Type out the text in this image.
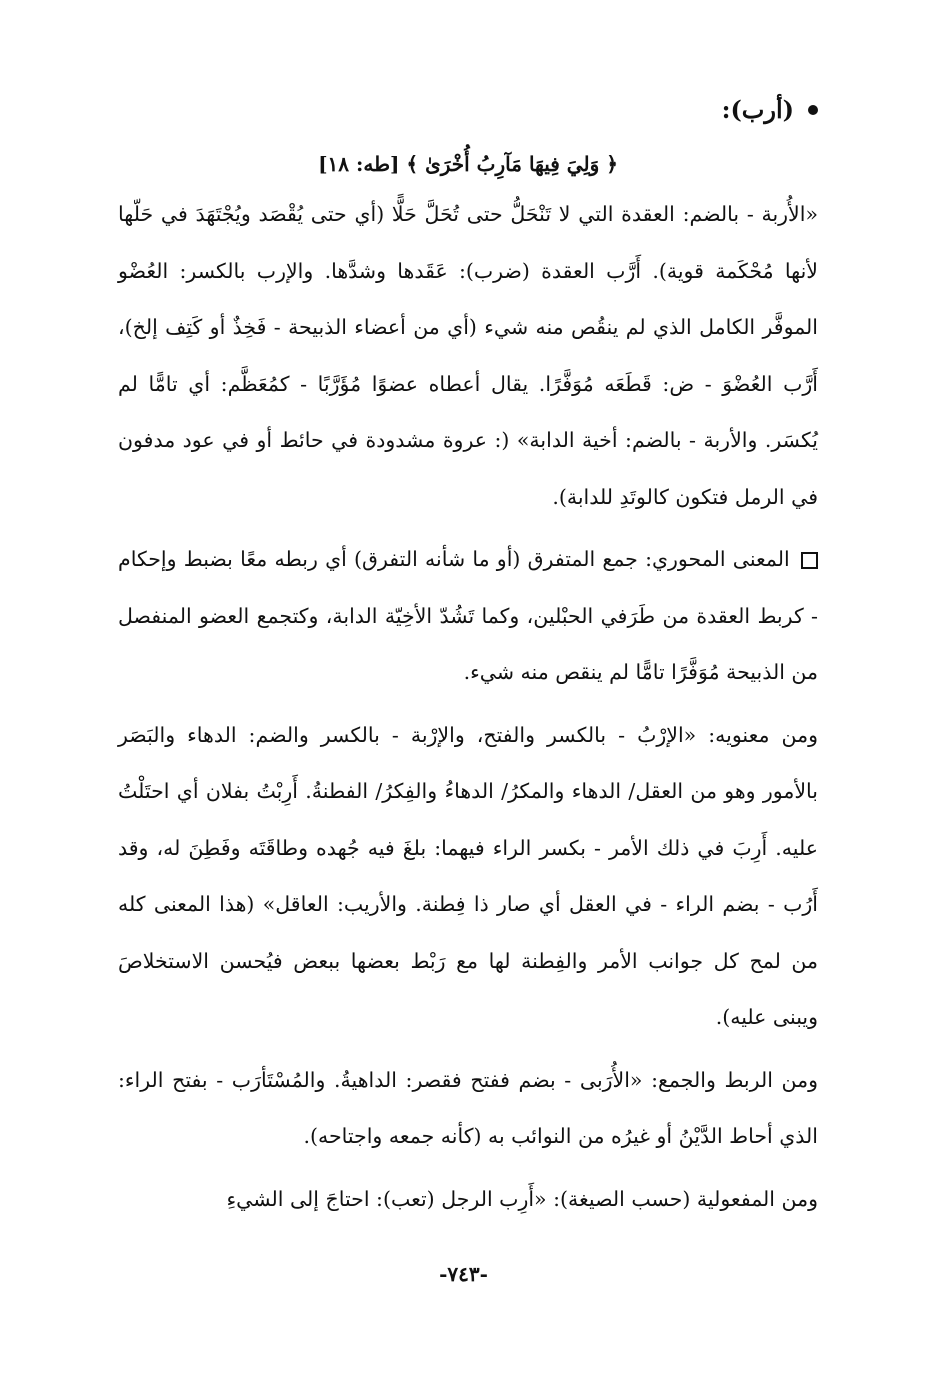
(أرب):
﴿ وَلِيَ فِيهَا مَآرِبُ أُخْرَىٰ ﴾ [طه: ١٨]

«الأُربة - بالضم: العقدة التي لا تَنْحَلُّ حتى تُحَلَّ حَلًّا (أي حتى يُقْصَد ويُجْتَهَدَ في حَلّها لأنها مُحْكَمة قوية). أَرَّب العقدة (ضرب): عَقَدها وشدَّها. والإرب بالكسر: العُضْو الموفَّر الكامل الذي لم ينقُص منه شيء (أي من أعضاء الذبيحة - فَخِذٌ أو كَتِف إلخ)، أَرَّب العُضْوَ - ض: قَطَعَه مُوَفَّرًا. يقال أعطاه عضوًا مُؤَرَّبًا - كمُعَظَّم: أي تامًّا لم يُكسَر. والأربة - بالضم: أخية الدابة» (: عروة مشدودة في حائط أو في عود مدفون في الرمل فتكون كالوتَدِ للدابة).

المعنى المحوري: جمع المتفرق (أو ما شأنه التفرق) أي ربطه معًا بضبط وإحكام - كربط العقدة من طَرَفي الحبْلين، وكما تَشُدّ الأخِيّة الدابة، وكتجمع العضو المنفصل من الذبيحة مُوَفَّرًا تامًّا لم ينقص منه شيء.

ومن معنويه: «الإرْبُ - بالكسر والفتح، والإرْبة - بالكسر والضم: الدهاء والبَصَر بالأمور وهو من العقل/ الدهاء والمكرُ/ الدهاءُ والفِكرُ/ الفطنةُ. أَرِبْتُ بفلان أي احتَلْتُ عليه. أَرِبَ في ذلك الأمر - بكسر الراء فيهما: بلغَ فيه جُهده وطاقَتَه وفَطِنَ له، وقد أَرُب - بضم الراء - في العقل أي صار ذا فِطنة. والأريب: العاقل» (هذا المعنى كله من لمح كل جوانب الأمر والفِطنة لها مع رَبْط بعضها ببعض فيُحسن الاستخلاصَ ويبنى عليه).

ومن الربط والجمع: «الأُرَبى - بضم ففتح فقصر: الداهيةُ. والمُسْتَأرَب - بفتح الراء: الذي أحاط الدَّيْنُ أو غيرُه من النوائب به (كأنه جمعه واجتاحه).

ومن المفعولية (حسب الصيغة): «أَرِب الرجل (تعب): احتاجَ إلى الشيءِ

-٧٤٣-
